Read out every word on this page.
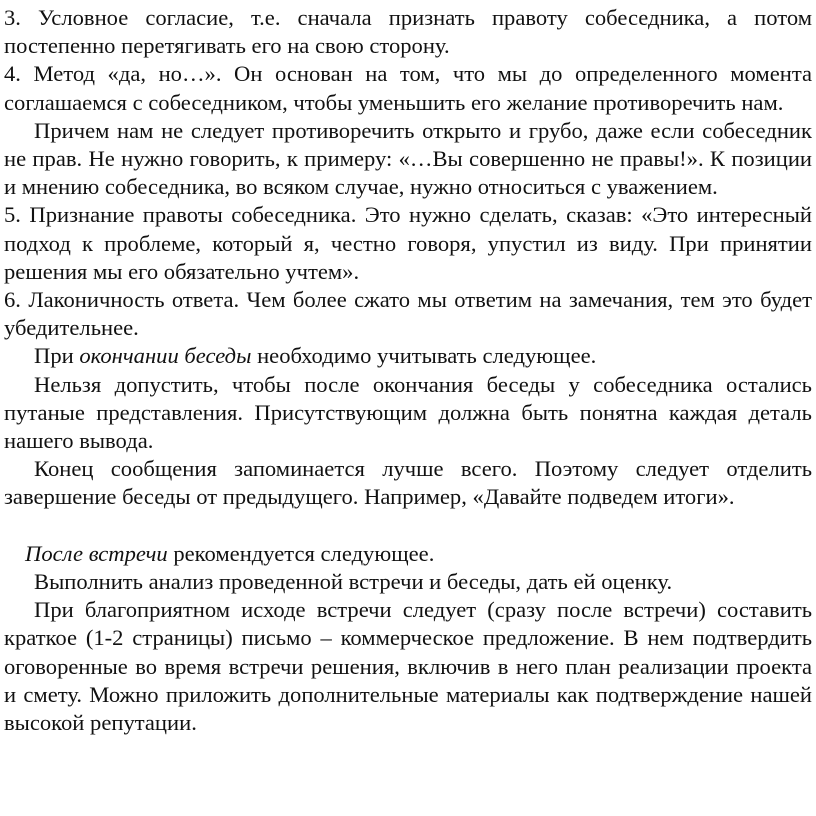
3. Условное согласие, т.е. сначала признать правоту собеседника, а потом постепенно перетягивать его на свою сторону.

4. Метод «да, но…». Он основан на том, что мы до определенного момента соглашаемся с собеседником, чтобы уменьшить его желание противоречить нам.

Причем нам не следует противоречить открыто и грубо, даже если собеседник не прав. Не нужно говорить, к примеру: «…Вы совершенно не правы!». К позиции и мнению собеседника, во всяком случае, нужно относиться с уважением.

5. Признание правоты собеседника. Это нужно сделать, сказав: «Это интересный подход к проблеме, который я, честно говоря, упустил из виду. При принятии решения мы его обязательно учтем».

6. Лаконичность ответа. Чем более сжато мы ответим на замечания, тем это будет убедительнее.

При окончании беседы необходимо учитывать следующее.

Нельзя допустить, чтобы после окончания беседы у собеседника остались путаные представления. Присутствующим должна быть понятна каждая деталь нашего вывода.

Конец сообщения запоминается лучше всего. Поэтому следует отделить завершение беседы от предыдущего. Например, «Давайте подведем итоги».

После встречи рекомендуется следующее.

Выполнить анализ проведенной встречи и беседы, дать ей оценку.

При благоприятном исходе встречи следует (сразу после встречи) составить краткое (1-2 страницы) письмо – коммерческое предложение. В нем подтвердить оговоренные во время встречи решения, включив в него план реализации проекта и смету. Можно приложить дополнительные материалы как подтверждение нашей высокой репутации.
